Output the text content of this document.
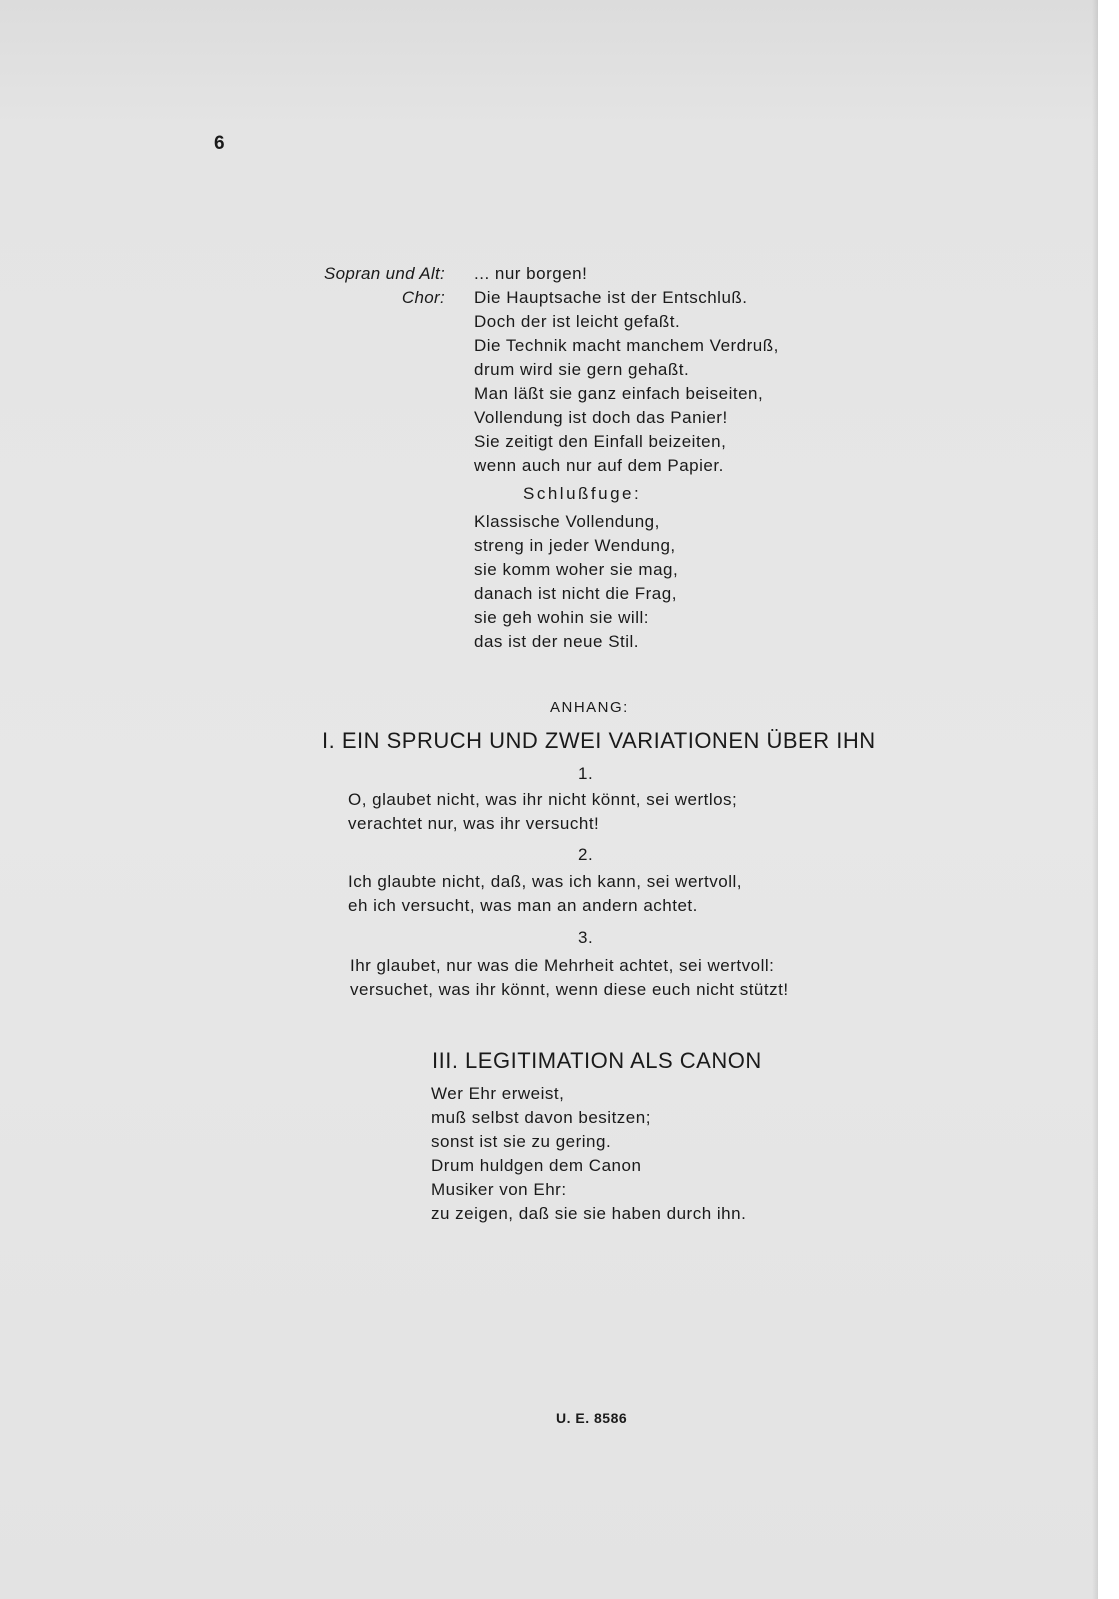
6
Sopran und Alt: ... nur borgen!
Chor: Die Hauptsache ist der Entschluß.
Doch der ist leicht gefaßt.
Die Technik macht manchem Verdruß,
drum wird sie gern gehaßt.
Man läßt sie ganz einfach beiseiten,
Vollendung ist doch das Panier!
Sie zeitigt den Einfall beizeiten,
wenn auch nur auf dem Papier.
Schlußfuge:
Klassische Vollendung,
streng in jeder Wendung,
sie komm woher sie mag,
danach ist nicht die Frag,
sie geh wohin sie will:
das ist der neue Stil.
ANHANG:
I. EIN SPRUCH UND ZWEI VARIATIONEN ÜBER IHN
1.
O, glaubet nicht, was ihr nicht könnt, sei wertlos;
verachtet nur, was ihr versucht!
2.
Ich glaubte nicht, daß, was ich kann, sei wertvoll,
eh ich versucht, was man an andern achtet.
3.
Ihr glaubet, nur was die Mehrheit achtet, sei wertvoll:
versuchet, was ihr könnt, wenn diese euch nicht stützt!
III. LEGITIMATION ALS CANON
Wer Ehr erweist,
muß selbst davon besitzen;
sonst ist sie zu gering.
Drum huldgen dem Canon
Musiker von Ehr:
zu zeigen, daß sie sie haben durch ihn.
U. E. 8586
